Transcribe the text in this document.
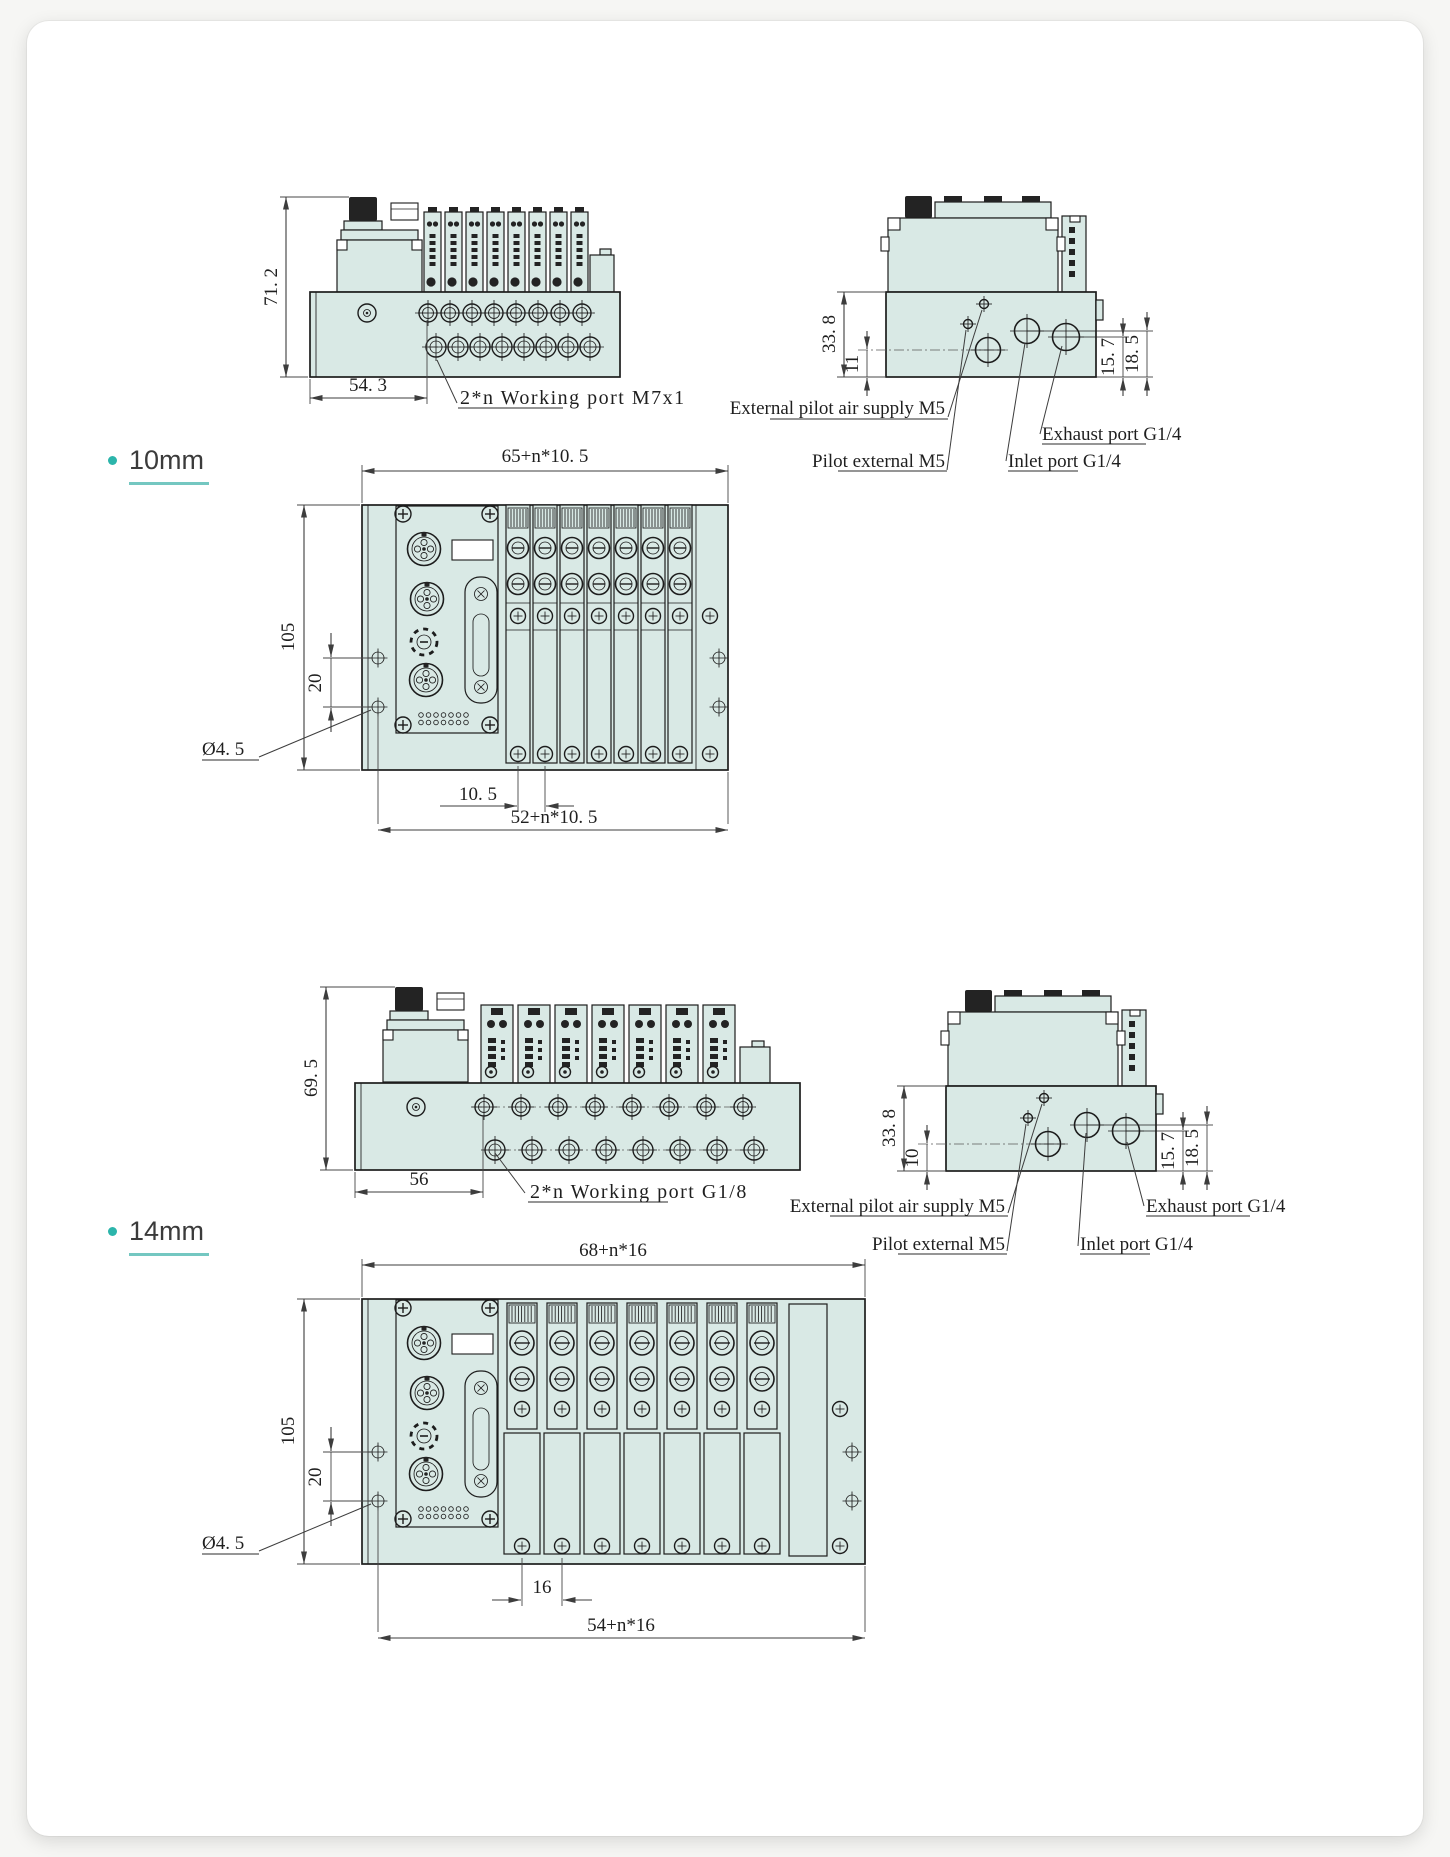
10mm
14mm
71. 2
54. 3
2*n Working port M7x1
33. 8
11	15. 7 18. 5
External pilot air supply M5
Pilot external M5
Exhaust port G1/4
Inlet port G1/4
105
20
Ø4. 5
65+n*10. 5
10. 5
52+n*10. 5
69. 5
56
2*n Working port G1/8
33. 8
10	15. 7 18. 5
External pilot air supply M5
Pilot external M5
Exhaust port G1/4
Inlet port G1/4
105
20
Ø4. 5
68+n*16
16
54+n*16
